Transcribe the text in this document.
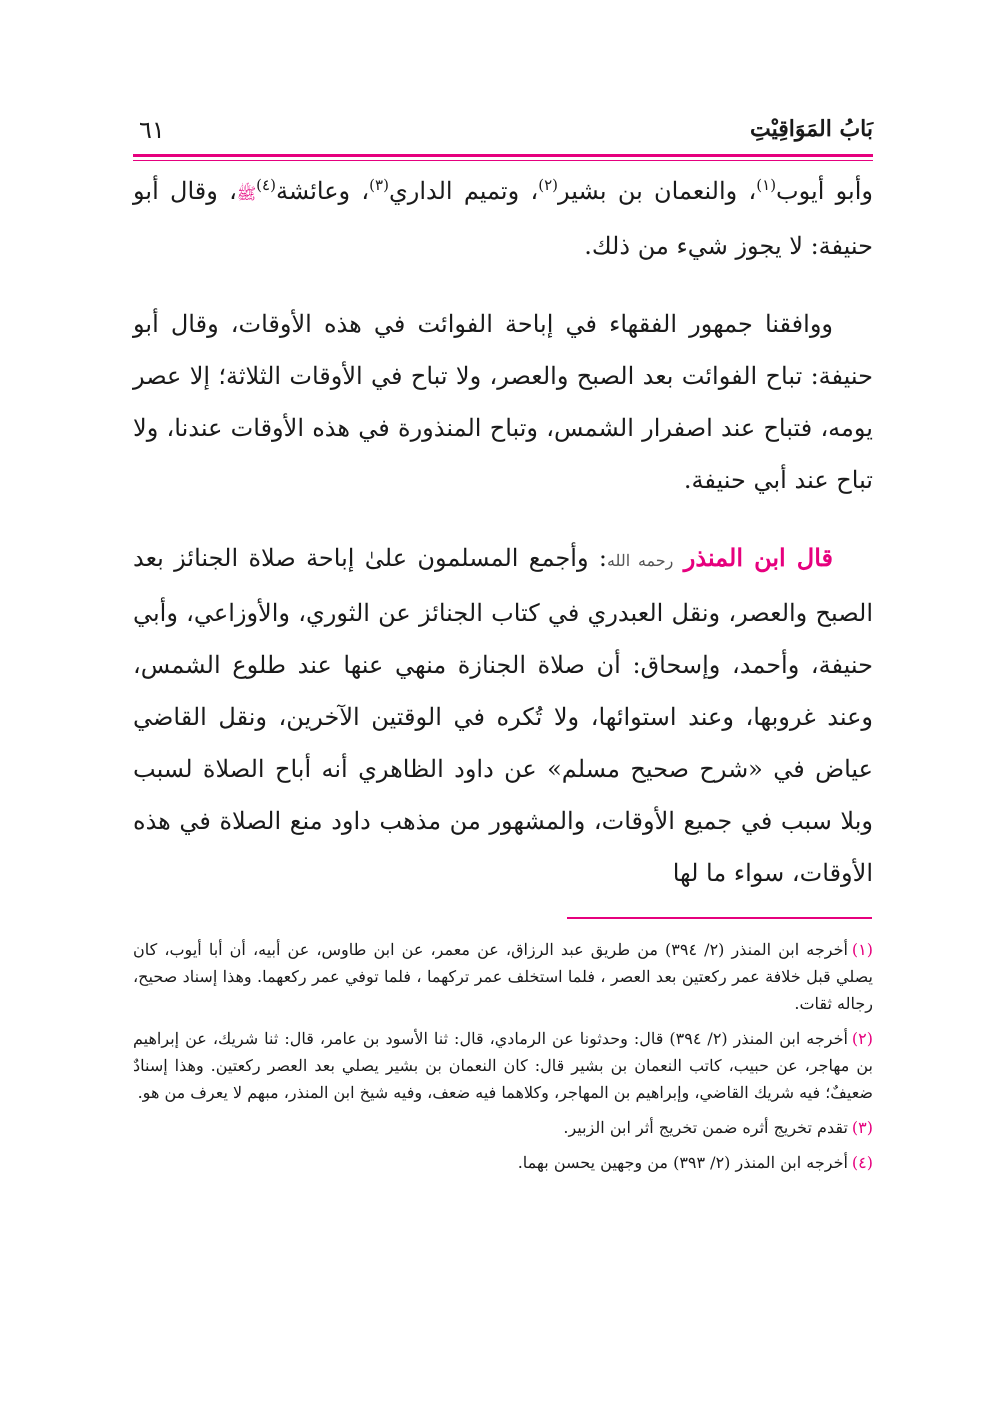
بَابُ المَوَاقِيْتِ
٦١

وأبو أيوب$^{(١)}$، والنعمان بن بشير$^{(٢)}$، وتميم الداري$^{(٣)}$، وعائشة$^{(٤)}$ﷺ، وقال أبو حنيفة: لا يجوز شيء من ذلك.

ووافقنا جمهور الفقهاء في إباحة الفوائت في هذه الأوقات، وقال أبو حنيفة: تباح الفوائت بعد الصبح والعصر، ولا تباح في الأوقات الثلاثة؛ إلا عصر يومه، فتباح عند اصفرار الشمس، وتباح المنذورة في هذه الأوقات عندنا، ولا تباح عند أبي حنيفة.

قال ابن المنذر رحمه الله: وأجمع المسلمون علىٰ إباحة صلاة الجنائز بعد الصبح والعصر، ونقل العبدري في كتاب الجنائز عن الثوري، والأوزاعي، وأبي حنيفة، وأحمد، وإسحاق: أن صلاة الجنازة منهي عنها عند طلوع الشمس، وعند غروبها، وعند استوائها، ولا تُكره في الوقتين الآخرين، ونقل القاضي عياض في «شرح صحيح مسلم» عن داود الظاهري أنه أباح الصلاة لسبب وبلا سبب في جميع الأوقات، والمشهور من مذهب داود منع الصلاة في هذه الأوقات، سواء ما لها

(١)أخرجه ابن المنذر (٢/ ٣٩٤) من طريق عبد الرزاق، عن معمر، عن ابن طاوس، عن أبيه، أن أبا أيوب، كان يصلي قبل خلافة عمر ركعتين بعد العصر ، فلما استخلف عمر تركهما ، فلما توفي عمر ركعهما. وهذا إسناد صحيح، رجاله ثقات.

(٢)أخرجه ابن المنذر (٢/ ٣٩٤) قال: وحدثونا عن الرمادي، قال: ثنا الأسود بن عامر، قال: ثنا شريك، عن إبراهيم بن مهاجر، عن حبيب، كاتب النعمان بن بشير قال: كان النعمان بن بشير يصلي بعد العصر ركعتين. وهذا إسنادٌ ضعيفٌ؛ فيه شريك القاضي، وإبراهيم بن المهاجر، وكلاهما فيه ضعف، وفيه شيخ ابن المنذر، مبهم لا يعرف من هو.

(٣)تقدم تخريج أثره ضمن تخريج أثر ابن الزبير.

(٤)أخرجه ابن المنذر (٢/ ٣٩٣) من وجهين يحسن بهما.
